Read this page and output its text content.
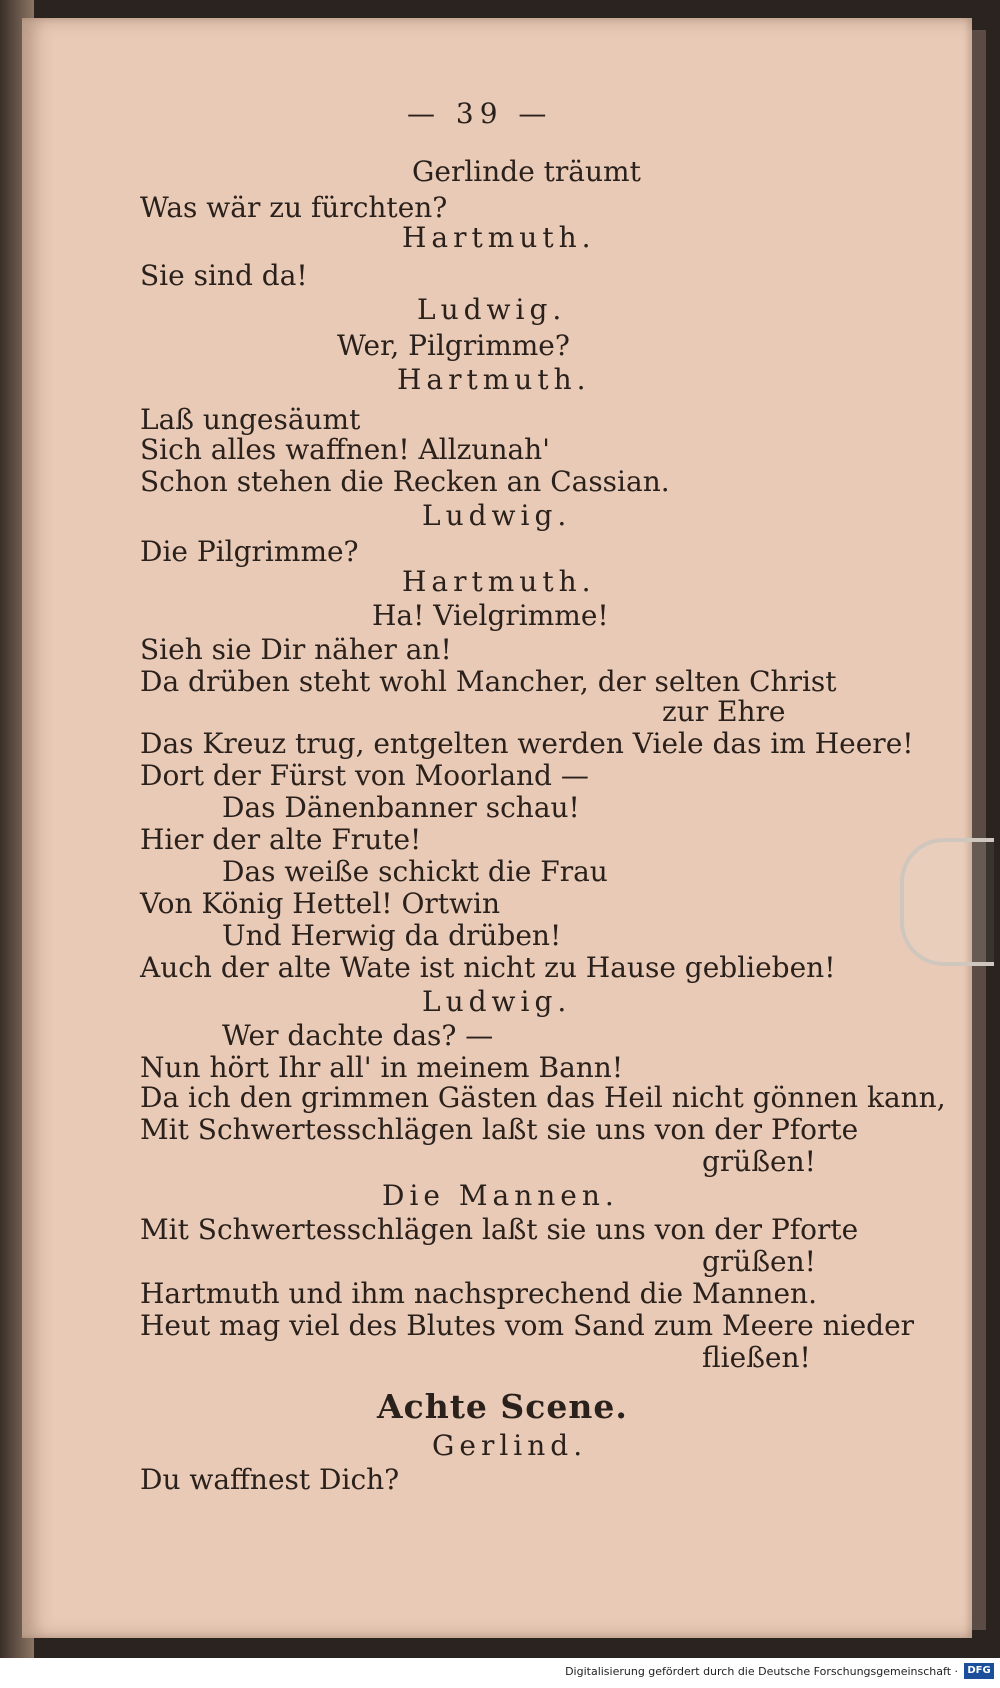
— 39 —
Gerlinde träumt
Was wär zu fürchten?
Hartmuth.
Sie sind da!
Ludwig.
Wer, Pilgrimme?
Hartmuth.
Laß ungesäumt
Sich alles waffnen! Allzunah'
Schon stehen die Recken an Cassian.
Ludwig.
Die Pilgrimme?
Hartmuth.
Ha! Vielgrimme!
Sieh sie Dir näher an!
Da drüben steht wohl Mancher, der selten Christ
zur Ehre
Das Kreuz trug, entgelten werden Viele das im Heere!
Dort der Fürst von Moorland —
Das Dänenbanner schau!
Hier der alte Frute!
Das weiße schickt die Frau
Von König Hettel! Ortwin
Und Herwig da drüben!
Auch der alte Wate ist nicht zu Hause geblieben!
Ludwig.
Wer dachte das? —
Nun hört Ihr all' in meinem Bann!
Da ich den grimmen Gästen das Heil nicht gönnen kann,
Mit Schwertesschlägen laßt sie uns von der Pforte
grüßen!
Die Mannen.
Mit Schwertesschlägen laßt sie uns von der Pforte
grüßen!
Hartmuth und ihm nachsprechend die Mannen.
Heut mag viel des Blutes vom Sand zum Meere nieder
fließen!
Achte Scene.
Gerlind.
Du waffnest Dich?
Digitalisierung gefördert durch die Deutsche Forschungsgemeinschaft · DFG
